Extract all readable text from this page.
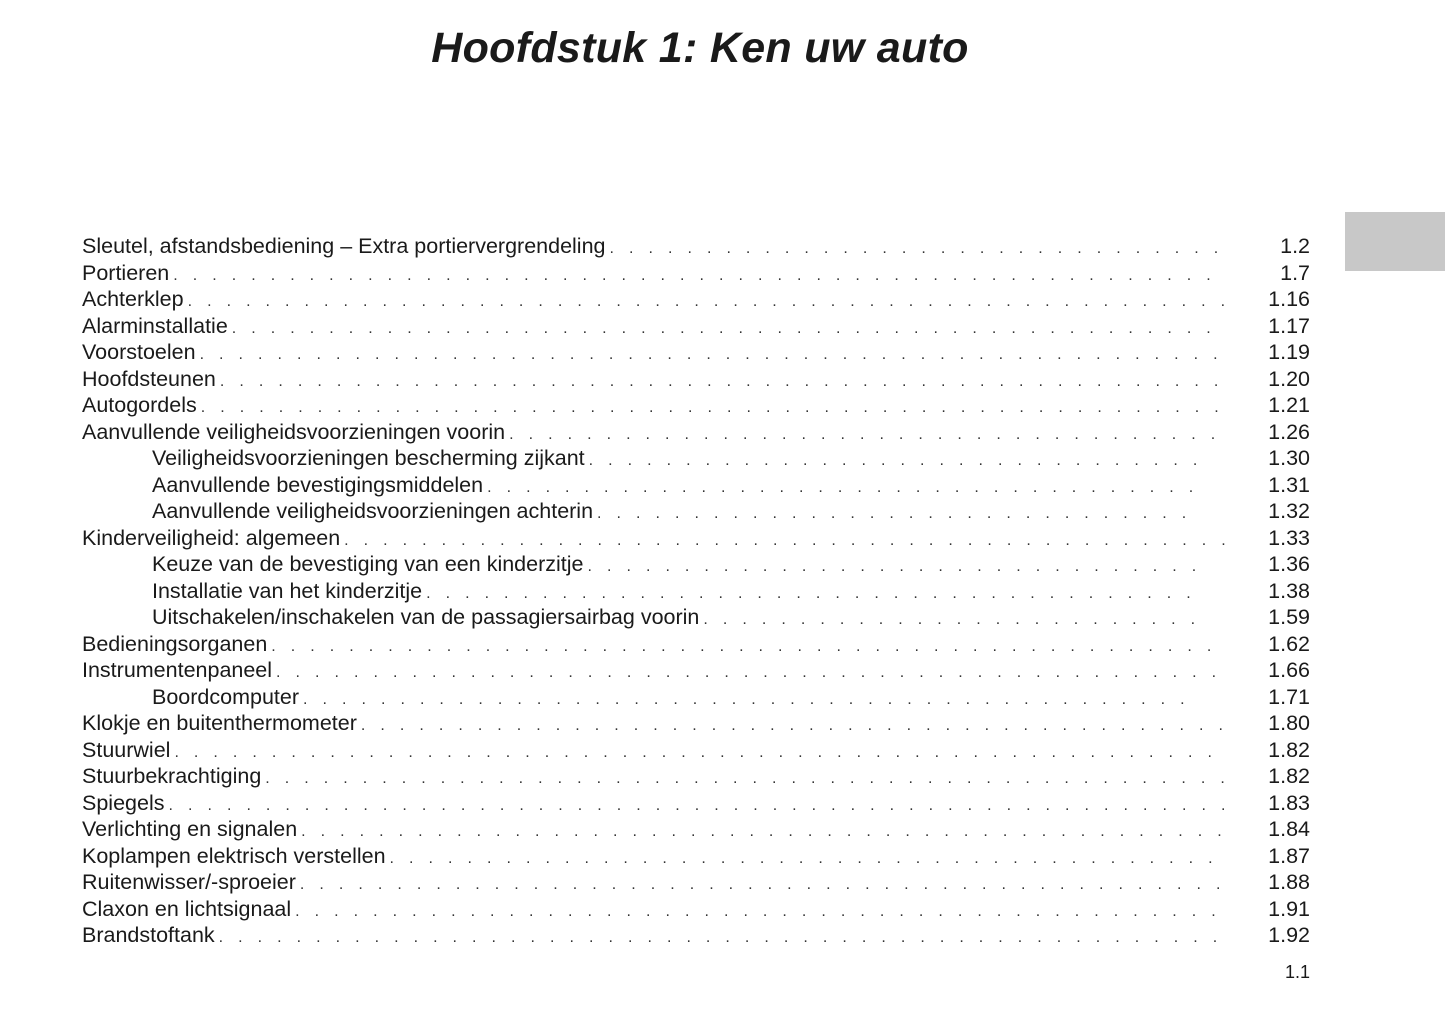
Hoofdstuk 1: Ken uw auto
Sleutel, afstandsbediening – Extra portiervergrendeling . . .	1.2
Portieren . . .	1.7
Achterklep . . .	1.16
Alarminstallatie . . .	1.17
Voorstoelen . . .	1.19
Hoofdsteunen . . .	1.20
Autogordels . . .	1.21
Aanvullende veiligheidsvoorzieningen voorin . . .	1.26
Veiligheidsvoorzieningen bescherming zijkant . . .	1.30
Aanvullende bevestigingsmiddelen . . .	1.31
Aanvullende veiligheidsvoorzieningen achterin . . .	1.32
Kinderveiligheid: algemeen . . .	1.33
Keuze van de bevestiging van een kinderzitje . . .	1.36
Installatie van het kinderzitje . . .	1.38
Uitschakelen/inschakelen van de passagiersairbag voorin . . .	1.59
Bedieningsorganen . . .	1.62
Instrumentenpaneel . . .	1.66
Boordcomputer . . .	1.71
Klokje en buitenthermometer . . .	1.80
Stuurwiel . . .	1.82
Stuurbekrachtiging . . .	1.82
Spiegels . . .	1.83
Verlichting en signalen . . .	1.84
Koplampen elektrisch verstellen . . .	1.87
Ruitenwisser/-sproeier . . .	1.88
Claxon en lichtsignaal . . .	1.91
Brandstoftank . . .	1.92
1.1
